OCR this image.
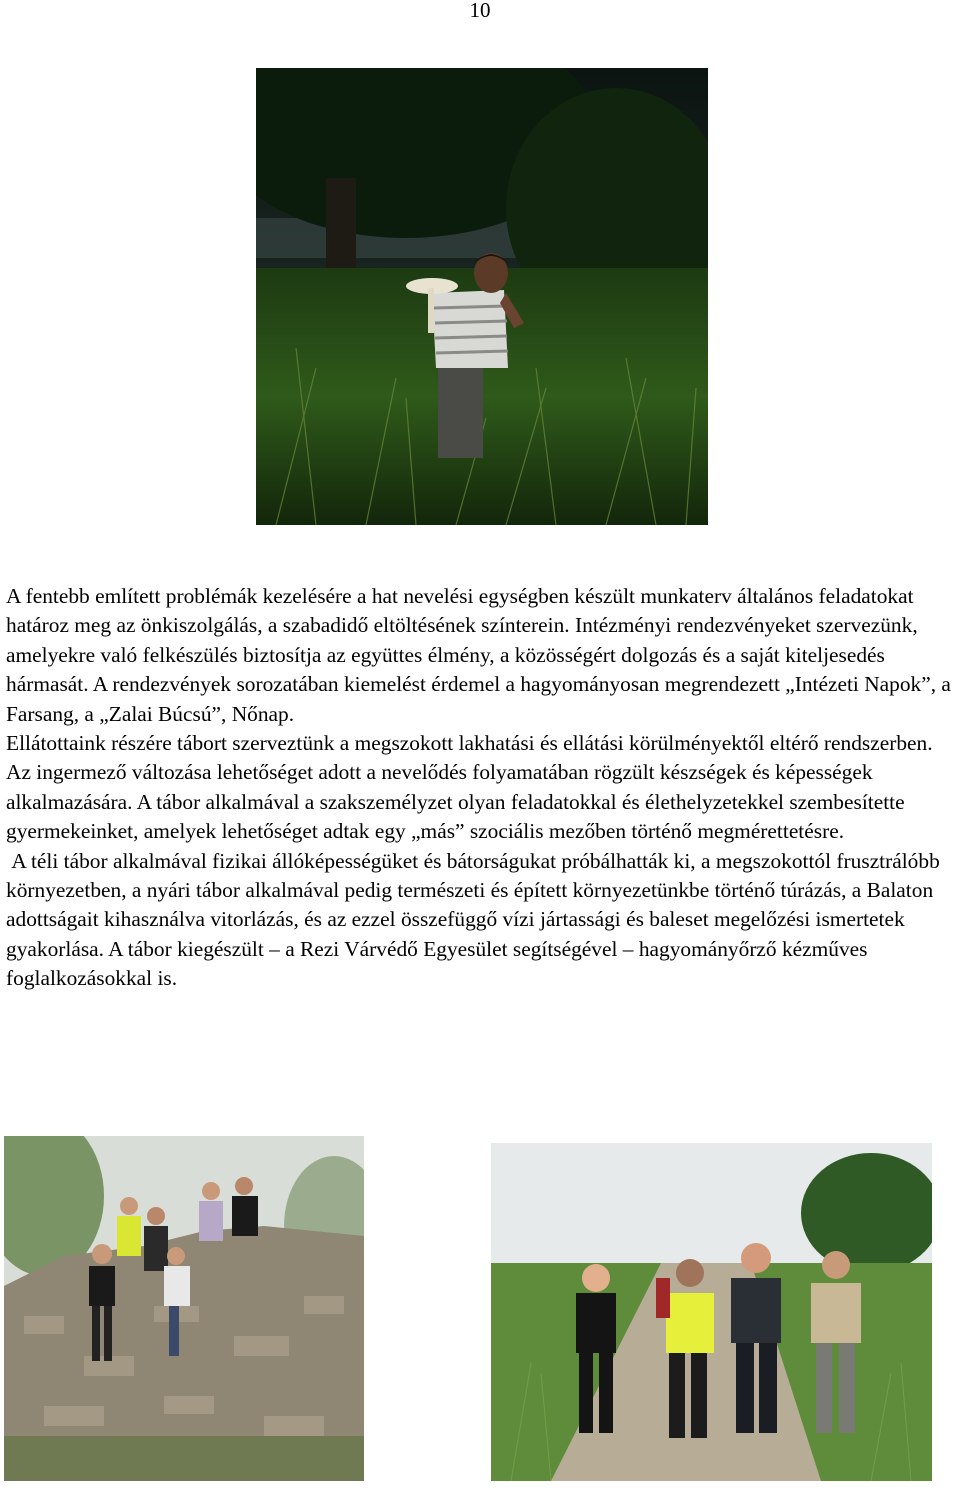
10

A fentebb említett problémák kezelésére a hat nevelési egységben készült munkaterv általános feladatokat határoz meg az önkiszolgálás, a szabadidő eltöltésének színterein. Intézményi rendezvényeket szervezünk, amelyekre való felkészülés biztosítja az együttes élmény, a közösségért dolgozás és a saját kiteljesedés hármasát. A rendezvények sorozatában kiemelést érdemel a hagyományosan megrendezett „Intézeti Napok”, a Farsang, a „Zalai Búcsú”, Nőnap.

Ellátottaink részére tábort szerveztünk a megszokott lakhatási és ellátási körülményektől eltérő rendszerben. Az ingermező változása lehetőséget adott a nevelődés folyamatában rögzült készségek és képességek alkalmazására. A tábor alkalmával a szakszemélyzet olyan feladatokkal és élethelyzetekkel szembesítette gyermekeinket, amelyek lehetőséget adtak egy „más” szociális mezőben történő megmérettetésre.

A téli tábor alkalmával fizikai állóképességüket és bátorságukat próbálhatták ki, a megszokottól frusztrálóbb környezetben, a nyári tábor alkalmával pedig természeti és épített környezetünkbe történő túrázás, a Balaton adottságait kihasználva vitorlázás, és az ezzel összefüggő vízi jártassági és baleset megelőzési ismertetek gyakorlása. A tábor kiegészült – a Rezi Várvédő Egyesület segítségével – hagyományőrző kézműves foglalkozásokkal is.
